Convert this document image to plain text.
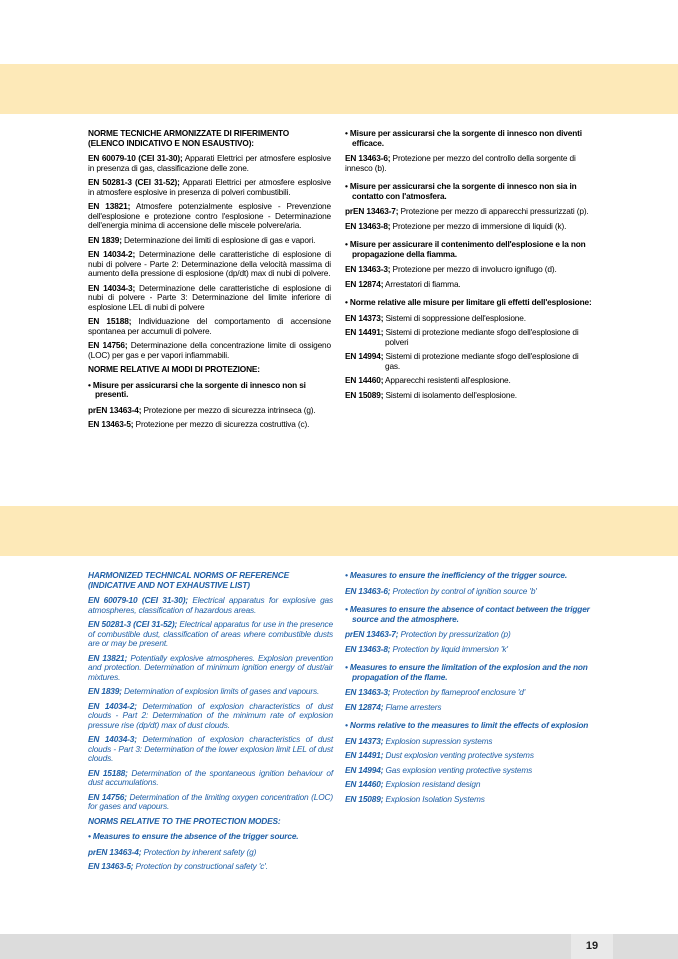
NORME TECNICHE ARMONIZZATE DI RIFERIMENTO
(ELENCO INDICATIVO E NON ESAUSTIVO):

EN 60079-10 (CEI 31-30); Apparati Elettrici per atmosfere esplosive in presenza di gas, classificazione delle zone.

EN 50281-3 (CEI 31-52); Apparati Elettrici per atmosfere esplosive in atmosfere esplosive in presenza di polveri combustibili.

EN 13821; Atmosfere potenzialmente esplosive - Prevenzione dell'esplosione e protezione contro l'esplosione - Determinazione dell'energia minima di accensione delle miscele polvere/aria.

EN 1839; Determinazione dei limiti di esplosione di gas e vapori.

EN 14034-2; Determinazione delle caratteristiche di esplosione di nubi di polvere - Parte 2: Determinazione della velocità massima di aumento della pressione di esplosione (dp/dt) max di nubi di polvere.

EN 14034-3; Determinazione delle caratteristiche di esplosione di nubi di polvere - Parte 3: Determinazione del limite inferiore di esplosione LEL di nubi di polvere

EN 15188; Individuazione del comportamento di accensione spontanea per accumuli di polvere.

EN 14756; Determinazione della concentrazione limite di ossigeno (LOC) per gas e per vapori infiammabili.

NORME RELATIVE AI MODI DI PROTEZIONE:
• Misure per assicurarsi che la sorgente di innesco non si presenti.

prEN 13463-4; Protezione per mezzo di sicurezza intrinseca (g).

EN 13463-5; Protezione per mezzo di sicurezza costruttiva (c).

• Misure per assicurarsi che la sorgente di innesco non diventi efficace.

EN 13463-6; Protezione per mezzo del controllo della sorgente di innesco (b).

• Misure per assicurarsi che la sorgente di innesco non sia in contatto con l'atmosfera.

prEN 13463-7; Protezione per mezzo di apparecchi pressurizzati (p).

EN 13463-8; Protezione per mezzo di immersione di liquidi (k).

• Misure per assicurare il contenimento dell'esplosione e la non propagazione della fiamma.

EN 13463-3; Protezione per mezzo di involucro ignifugo (d).

EN 12874; Arrestatori di fiamma.

• Norme relative alle misure per limitare gli effetti dell'esplosione:

EN 14373; Sistemi di soppressione dell'esplosione.

EN 14491; Sistemi di protezione mediante sfogo dell'esplosione di polveri

EN 14994; Sistemi di protezione mediante sfogo dell'esplosione di gas.

EN 14460; Apparecchi resistenti all'esplosione.

EN 15089; Sistemi di isolamento dell'esplosione.

HARMONIZED TECHNICAL NORMS OF REFERENCE
(INDICATIVE AND NOT EXHAUSTIVE LIST)

EN 60079-10 (CEI 31-30); Electrical apparatus for explosive gas atmospheres, classification of hazardous areas.

EN 50281-3 (CEI 31-52); Electrical apparatus for use in the presence of combustible dust, classification of areas where combustible dusts are or may be present.

EN 13821; Potentially explosive atmospheres. Explosion prevention and protection. Determination of minimum ignition energy of dust/air mixtures.

EN 1839; Determination of explosion limits of gases and vapours.

EN 14034-2; Determination of explosion characteristics of dust clouds - Part 2: Determination of the minimum rate of explosion pressure rise (dp/dt) max of dust clouds.

EN 14034-3; Determination of explosion characteristics of dust clouds - Part 3: Determination of the lower explosion limit LEL of dust clouds.

EN 15188; Determination of the spontaneous ignition behaviour of dust accumulations.

EN 14756; Determination of the limiting oxygen concentration (LOC) for gases and vapours.

NORMS RELATIVE TO THE PROTECTION MODES:
• Measures to ensure the absence of the trigger source.

prEN 13463-4; Protection by inherent safety (g)

EN 13463-5; Protection by constructional safety 'c'.

• Measures to ensure the inefficiency of the trigger source.

EN 13463-6; Protection by control of ignition source 'b'

• Measures to ensure the absence of contact between the trigger source and the atmosphere.

prEN 13463-7; Protection by pressurization (p)

EN 13463-8; Protection by liquid immersion 'k'

• Measures to ensure the limitation of the explosion and the non propagation of the flame.

EN 13463-3; Protection by flameproof enclosure 'd'

EN 12874; Flame arresters

• Norms relative to the measures to limit the effects of explosion

EN 14373; Explosion supression systems

EN 14491; Dust explosion venting protective systems

EN 14994; Gas explosion venting protective systems

EN 14460; Explosion resistand design

EN 15089; Explosion Isolation Systems

19
